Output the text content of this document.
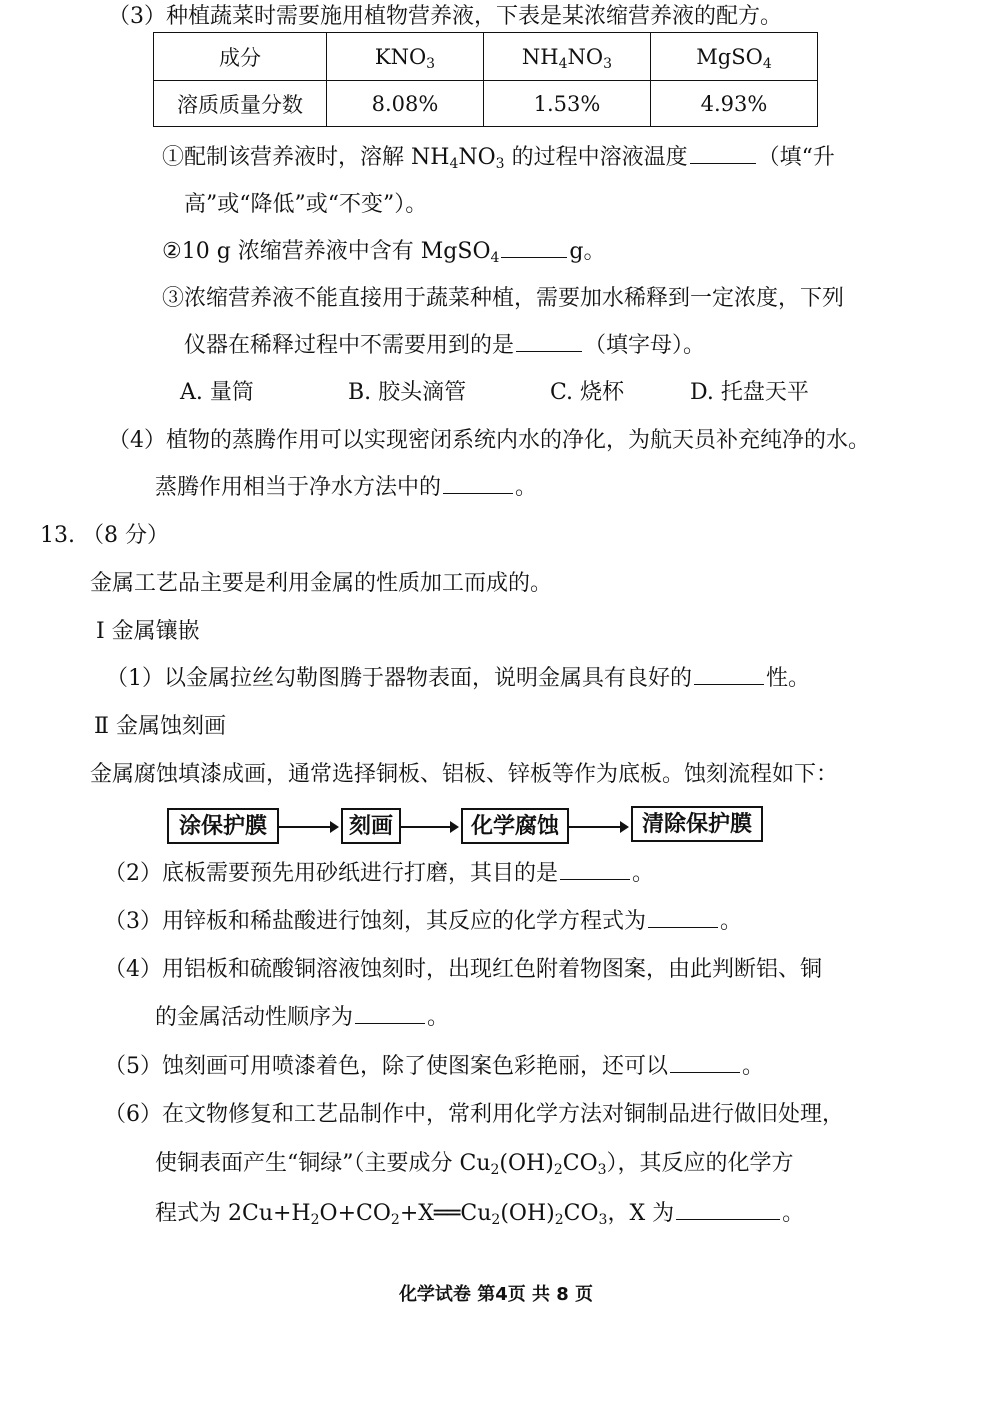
（3）种植蔬菜时需要施用植物营养液，下表是某浓缩营养液的配方。
成分	$KNO_3$	$NH_4NO_3$	MgSO$_4$
溶质质量分数	8.08%	1.53%	4.93%
①配制该营养液时，溶解 $NH_4NO_3$ 的过程中溶液温度	（填“升
高”或“降低”或“不变”）。
②10 g 浓缩营养液中含有 MgSO$_4$	g。
③浓缩营养液不能直接用于蔬菜种植，需要加水稀释到一定浓度，下列
仪器在稀释过程中不需要用到的是	（填字母）。
A. 量筒	B. 胶头滴管	C. 烧杯	D. 托盘天平
（4）植物的蒸腾作用可以实现密闭系统内水的净化，为航天员补充纯净的水。
蒸腾作用相当于净水方法中的	。
13. （8 分）
金属工艺品主要是利用金属的性质加工而成的。
Ⅰ 金属镶嵌
（1）以金属拉丝勾勒图腾于器物表面，说明金属具有良好的	性。
Ⅱ 金属蚀刻画
金属腐蚀填漆成画，通常选择铜板、铝板、锌板等作为底板。蚀刻流程如下：
涂保护膜	刻画	化学腐蚀	清除保护膜
（2）底板需要预先用砂纸进行打磨，其目的是	。
（3）用锌板和稀盐酸进行蚀刻，其反应的化学方程式为	。
（4）用铝板和硫酸铜溶液蚀刻时，出现红色附着物图案，由此判断铝、铜
的金属活动性顺序为	。
（5）蚀刻画可用喷漆着色，除了使图案色彩艳丽，还可以	。
（6）在文物修复和工艺品制作中，常利用化学方法对铜制品进行做旧处理，
使铜表面产生“铜绿”（主要成分 $Cu_2(OH)_2CO_3$），其反应的化学方
程式为 $2Cu+H_2O+CO_2+X══Cu_2(OH)_2CO_3$，X 为	。
化学试卷 第4页 共 8 页
